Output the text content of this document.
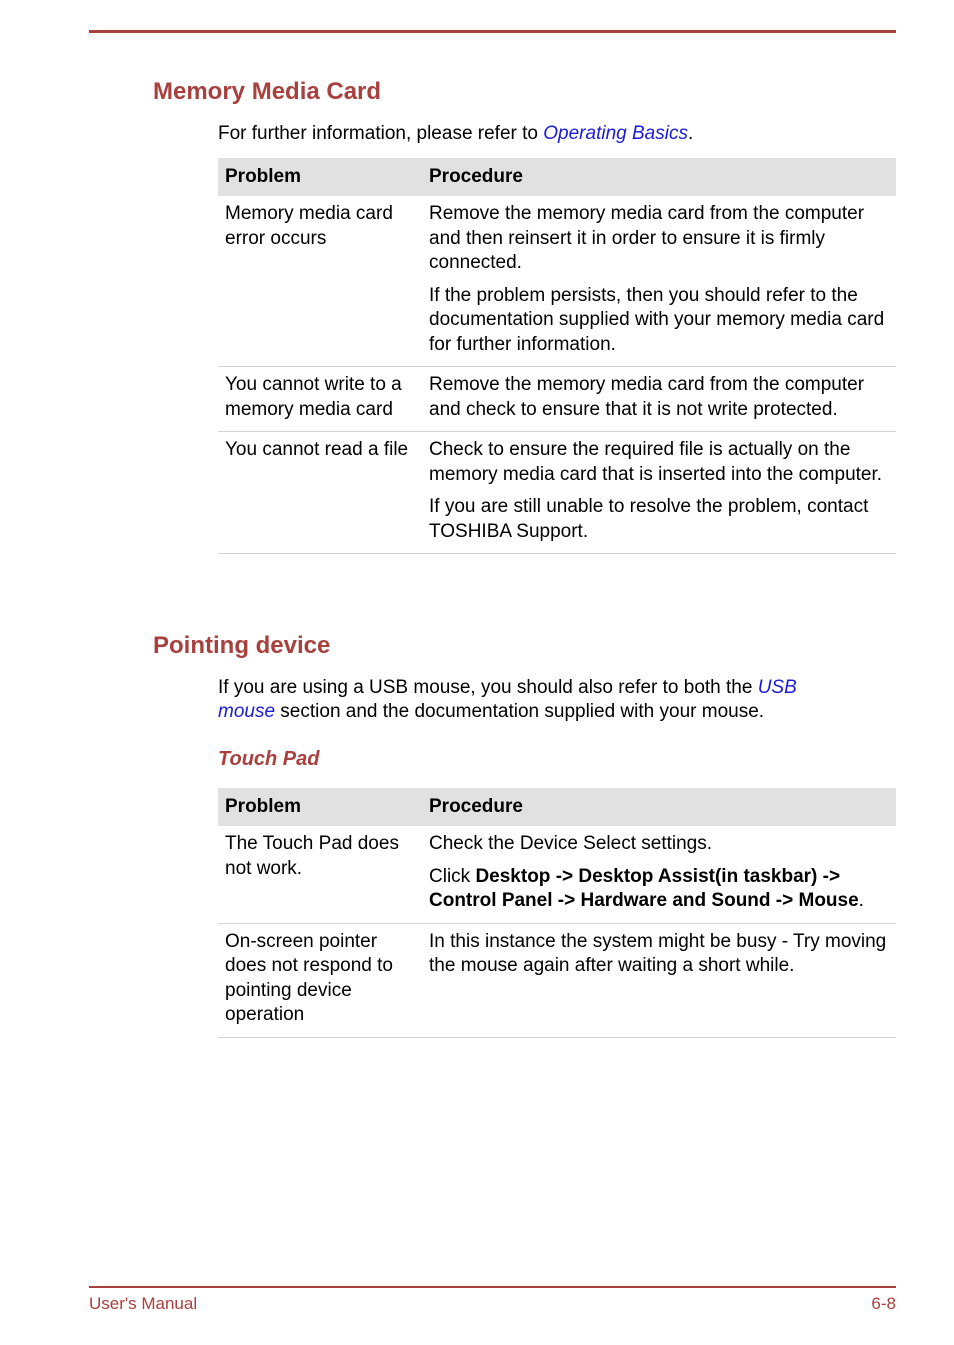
Memory Media Card

For further information, please refer to Operating Basics.

Problem	Procedure
Memory media card error occurs	Remove the memory media card from the computer and then reinsert it in order to ensure it is firmly connected.

If the problem persists, then you should refer to the documentation supplied with your memory media card for further information.

You cannot write to a memory media card	Remove the memory media card from the computer and check to ensure that it is not write protected.

You cannot read a file	Check to ensure the required file is actually on the memory media card that is inserted into the computer.

If you are still unable to resolve the problem, contact TOSHIBA Support.

Pointing device

If you are using a USB mouse, you should also refer to both the USB mouse section and the documentation supplied with your mouse.

Touch Pad
Problem	Procedure
The Touch Pad does not work.	Check the Device Select settings.

Click Desktop -> Desktop Assist(in taskbar) -> Control Panel -> Hardware and Sound -> Mouse.

On-screen pointer does not respond to pointing device operation	In this instance the system might be busy - Try moving the mouse again after waiting a short while.

User's Manual	6-8
